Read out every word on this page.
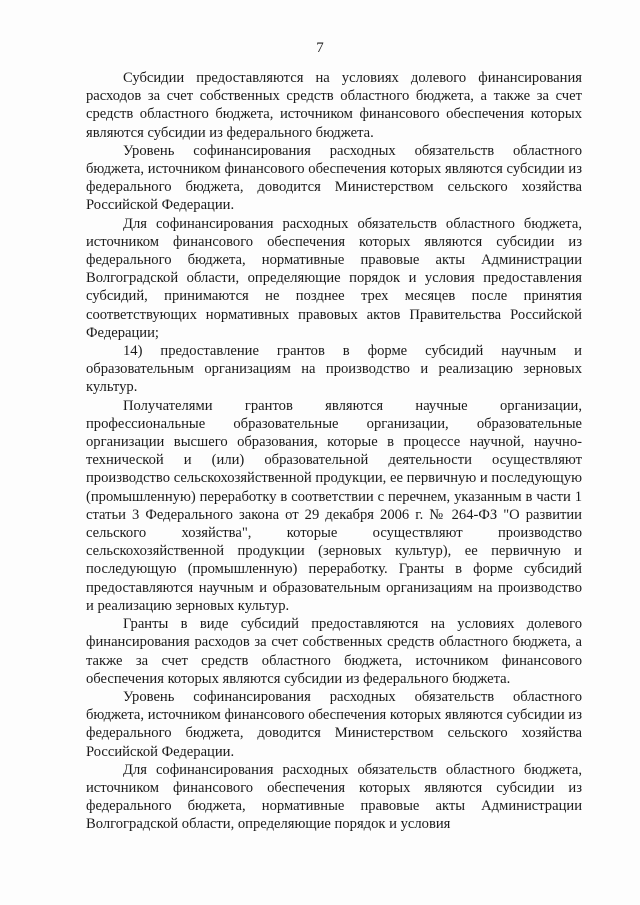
7

Субсидии предоставляются на условиях долевого финансирования расходов за счет собственных средств областного бюджета, а также за счет средств областного бюджета, источником финансового обеспечения которых являются субсидии из федерального бюджета.

Уровень софинансирования расходных обязательств областного бюджета, источником финансового обеспечения которых являются субсидии из федерального бюджета, доводится Министерством сельского хозяйства Российской Федерации.

Для софинансирования расходных обязательств областного бюджета, источником финансового обеспечения которых являются субсидии из федерального бюджета, нормативные правовые акты Администрации Волгоградской области, определяющие порядок и условия предоставления субсидий, принимаются не позднее трех месяцев после принятия соответствующих нормативных правовых актов Правительства Российской Федерации;

14) предоставление грантов в форме субсидий научным и образовательным организациям на производство и реализацию зерновых культур.

Получателями грантов являются научные организации, профессиональные образовательные организации, образовательные организации высшего образования, которые в процессе научной, научно-технической и (или) образовательной деятельности осуществляют производство сельскохозяйственной продукции, ее первичную и последующую (промышленную) переработку в соответствии с перечнем, указанным в части 1 статьи 3 Федерального закона от 29 декабря 2006 г. № 264-ФЗ "О развитии сельского хозяйства", которые осуществляют производство сельскохозяйственной продукции (зерновых культур), ее первичную и последующую (промышленную) переработку. Гранты в форме субсидий предоставляются научным и образовательным организациям на производство и реализацию зерновых культур.

Гранты в виде субсидий предоставляются на условиях долевого финансирования расходов за счет собственных средств областного бюджета, а также за счет средств областного бюджета, источником финансового обеспечения которых являются субсидии из федерального бюджета.

Уровень софинансирования расходных обязательств областного бюджета, источником финансового обеспечения которых являются субсидии из федерального бюджета, доводится Министерством сельского хозяйства Российской Федерации.

Для софинансирования расходных обязательств областного бюджета, источником финансового обеспечения которых являются субсидии из федерального бюджета, нормативные правовые акты Администрации Волгоградской области, определяющие порядок и условия
